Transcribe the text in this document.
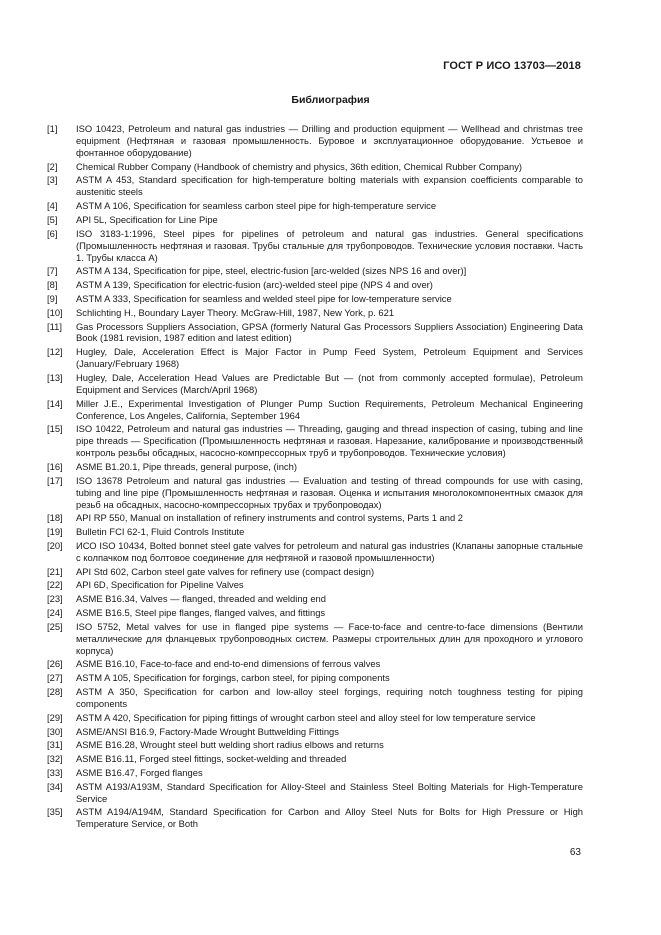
ГОСТ Р ИСО 13703—2018
Библиография
[1]	ISO 10423, Petroleum and natural gas industries — Drilling and production equipment — Wellhead and christmas tree equipment (Нефтяная и газовая промышленность. Буровое и эксплуатационное оборудование. Устьевое и фонтанное оборудование)
[2]	Chemical Rubber Company (Handbook of chemistry and physics, 36th edition, Chemical Rubber Company)
[3]	ASTM A 453, Standard specification for high-temperature bolting materials with expansion coefficients comparable to austenitic steels
[4]	ASTM A 106, Specification for seamless carbon steel pipe for high-temperature service
[5]	API 5L, Specification for Line Pipe
[6]	ISO 3183-1:1996, Steel pipes for pipelines of petroleum and natural gas industries. General specifications (Промышленность нефтяная и газовая. Трубы стальные для трубопроводов. Технические условия поставки. Часть 1. Трубы класса А)
[7]	ASTM A 134, Specification for pipe, steel, electric-fusion [arc-welded (sizes NPS 16 and over)]
[8]	ASTM A 139, Specification for electric-fusion (arc)-welded steel pipe (NPS 4 and over)
[9]	ASTM A 333, Specification for seamless and welded steel pipe for low-temperature service
[10]	Schlichting H., Boundary Layer Theory. McGraw-Hill, 1987, New York, p. 621
[11]	Gas Processors Suppliers Association, GPSA (formerly Natural Gas Processors Suppliers Association) Engineering Data Book (1981 revision, 1987 edition and latest edition)
[12]	Hugley, Dale, Acceleration Effect is Major Factor in Pump Feed System, Petroleum Equipment and Services (January/February 1968)
[13]	Hugley, Dale, Acceleration Head Values are Predictable But — (not from commonly accepted formulae), Petroleum Equipment and Services (March/April 1968)
[14]	Miller J.E., Experimental Investigation of Plunger Pump Suction Requirements, Petroleum Mechanical Engineering Conference, Los Angeles, California, September 1964
[15]	ISO 10422, Petroleum and natural gas industries — Threading, gauging and thread inspection of casing, tubing and line pipe threads — Specification (Промышленность нефтяная и газовая. Нарезание, калибрование и производственный контроль резьбы обсадных, насосно-компрессорных труб и трубопроводов. Технические условия)
[16]	ASME B1.20.1, Pipe threads, general purpose, (inch)
[17]	ISO 13678 Petroleum and natural gas industries — Evaluation and testing of thread compounds for use with casing, tubing and line pipe (Промышленность нефтяная и газовая. Оценка и испытания многолокомпонентных смазок для резьб на обсадных, насосно-компрессорных трубах и трубопроводах)
[18]	API RP 550, Manual on installation of refinery instruments and control systems, Parts 1 and 2
[19]	Bulletin FCI 62-1, Fluid Controls Institute
[20]	ИСО ISO 10434, Bolted bonnet steel gate valves for petroleum and natural gas industries (Клапаны запорные стальные с колпачком под болтовое соединение для нефтяной и газовой промышленности)
[21]	API Std 602, Carbon steel gate valves for refinery use (compact design)
[22]	API 6D, Specification for Pipeline Valves
[23]	ASME B16.34, Valves — flanged, threaded and welding end
[24]	ASME B16.5, Steel pipe flanges, flanged valves, and fittings
[25]	ISO 5752, Metal valves for use in flanged pipe systems — Face-to-face and centre-to-face dimensions (Вентили металлические для фланцевых трубопроводных систем. Размеры строительных длин для проходного и углового корпуса)
[26]	ASME B16.10, Face-to-face and end-to-end dimensions of ferrous valves
[27]	ASTM A 105, Specification for forgings, carbon steel, for piping components
[28]	ASTM A 350, Specification for carbon and low-alloy steel forgings, requiring notch toughness testing for piping components
[29]	ASTM A 420, Specification for piping fittings of wrought carbon steel and alloy steel for low temperature service
[30]	ASME/ANSI B16.9, Factory-Made Wrought Buttwelding Fittings
[31]	ASME B16.28, Wrought steel butt welding short radius elbows and returns
[32]	ASME B16.11, Forged steel fittings, socket-welding and threaded
[33]	ASME B16.47, Forged flanges
[34]	ASTM A193/A193M, Standard Specification for Alloy-Steel and Stainless Steel Bolting Materials for High-Temperature Service
[35]	ASTM A194/A194M, Standard Specification for Carbon and Alloy Steel Nuts for Bolts for High Pressure or High Temperature Service, or Both
63
